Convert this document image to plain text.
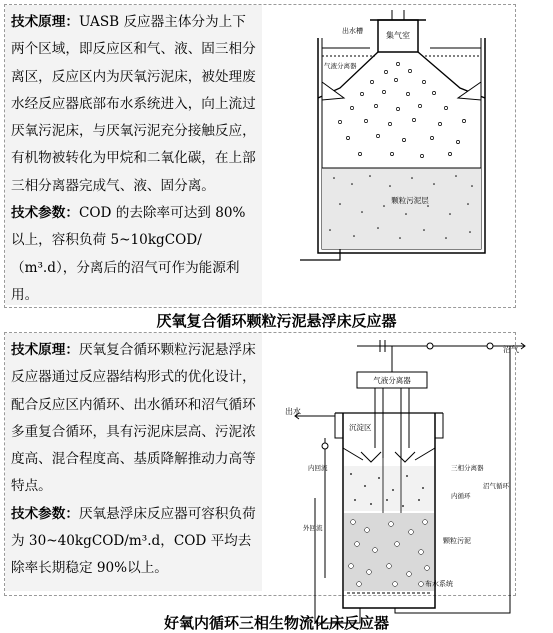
技术原理：UASB 反应器主体分为上下两个区域，即反应区和气、液、固三相分离区，反应区内为厌氧污泥床，被处理废水经反应器底部布水系统进入，向上流过厌氧污泥床，与厌氧污泥充分接触反应，有机物被转化为甲烷和二氧化碳，在上部三相分离器完成气、液、固分离。

技术参数：COD 的去除率可达到 80%以上，容积负荷 5~10kgCOD/（m³.d），分离后的沼气可作为能源利用。

集气室
出水槽
气液分离器
颗粒污泥层
厌氧复合循环颗粒污泥悬浮床反应器

技术原理：厌氧复合循环颗粒污泥悬浮床反应器通过反应器结构形式的优化设计，配合反应区内循环、出水循环和沼气循环多重复合循环，具有污泥床层高、污泥浓度高、混合程度高、基质降解推动力高等特点。

技术参数：厌氧悬浮床反应器可容积负荷为 30~40kgCOD/m³.d，COD 平均去除率长期稳定 90%以上。

沼气
气液分离器
出水
沉淀区
三相分离器
内循环
颗粒污泥
布水系统
内回流
外回流
沼气循环
好氧内循环三相生物流化床反应器
